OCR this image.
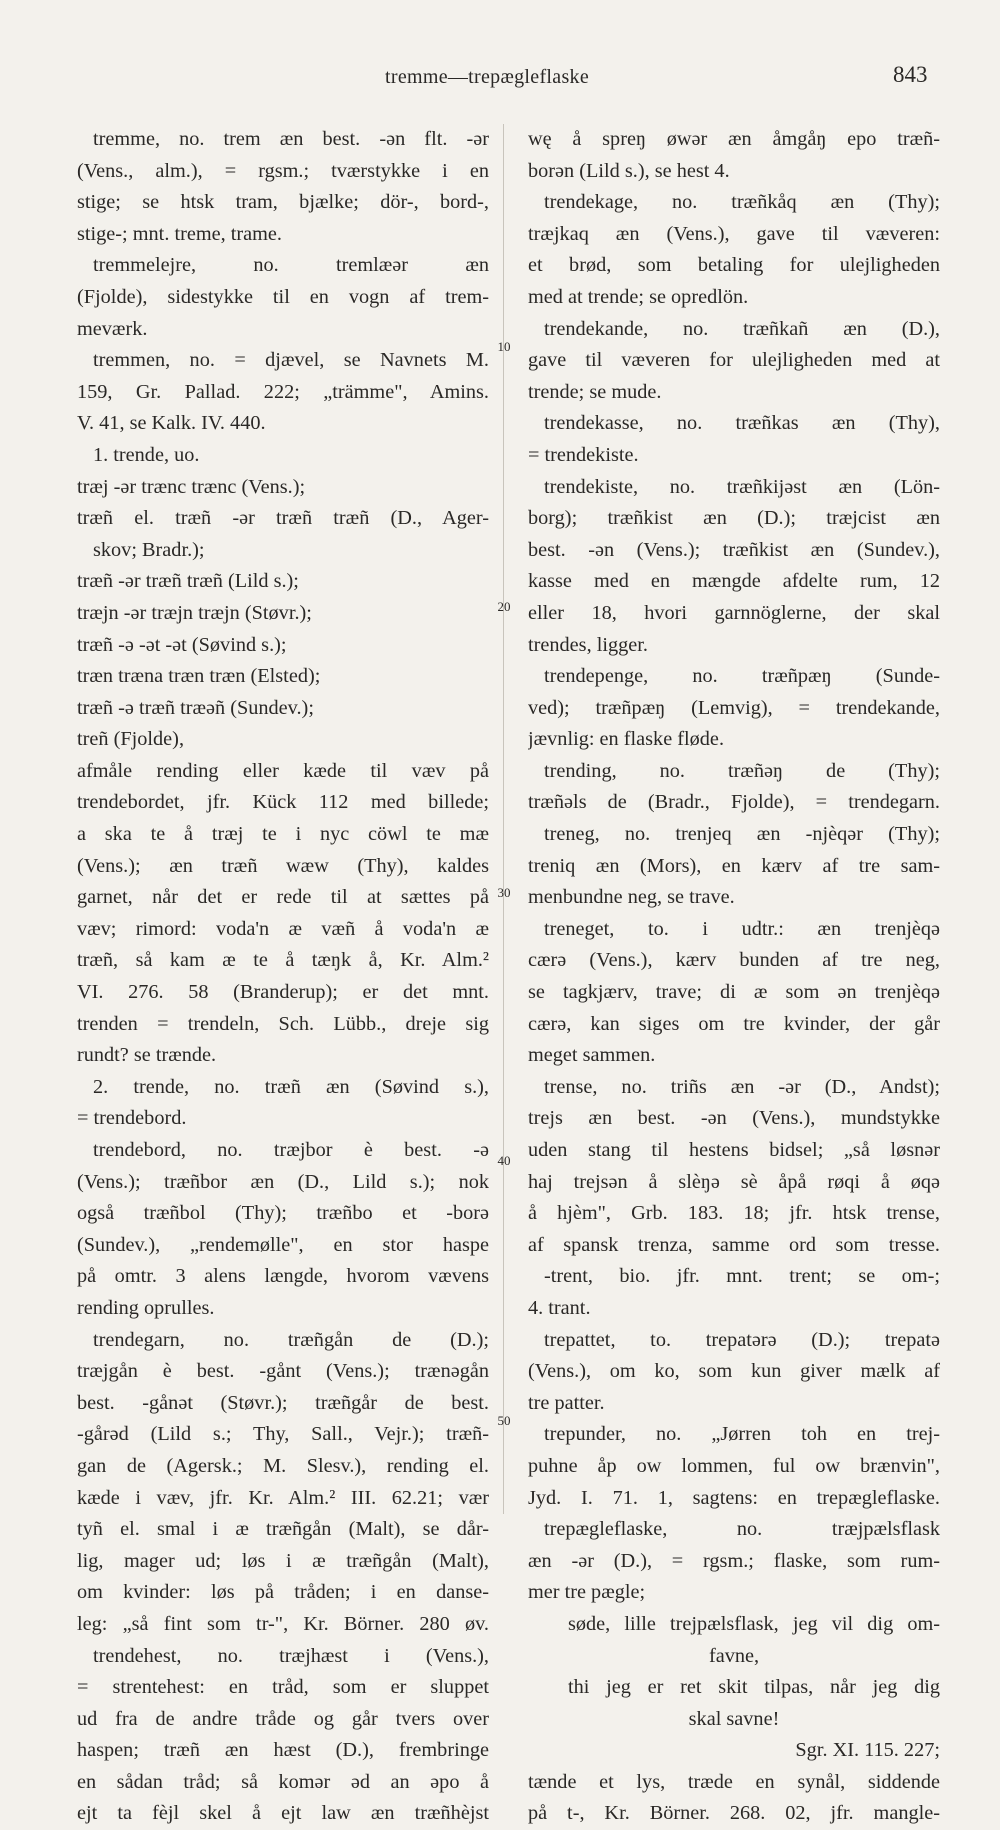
tremme—trepægleflaske	843
10
20
30
40
50
tremme, no. trem æn best. -ən flt. -ər
(Vens., alm.), = rgsm.; tværstykke i en
stige; se htsk tram, bjælke; dör-, bord-,
stige-; mnt. treme, trame.
tremmelejre, no. tremlæər æn
(Fjolde), sidestykke til en vogn af trem-
meværk.
tremmen, no. = djævel, se Navnets M.
159, Gr. Pallad. 222; „trämme", Amins.
V. 41, se Kalk. IV. 440.
1. trende, uo.
træj -ər trænc trænc (Vens.);
træñ el. træñ -ər træñ træñ (D., Ager-
skov; Bradr.);
træñ -ər træñ træñ (Lild s.);
træjn -ər træjn træjn (Støvr.);
træñ -ə -ət -ət (Søvind s.);
træn træna træn træn (Elsted);
træñ -ə træñ træəñ (Sundev.);
treñ (Fjolde),
afmåle rending eller kæde til væv på
trendebordet, jfr. Kück 112 med billede;
a ska te å træj te i nyc cöwl te mæ
(Vens.); æn træñ wæw (Thy), kaldes
garnet, når det er rede til at sættes på
væv; rimord: voda'n æ væñ å voda'n æ
træñ, så kam æ te å tæŋk å, Kr. Alm.²
VI. 276. 58 (Branderup); er det mnt.
trenden = trendeln, Sch. Lübb., dreje sig
rundt? se trænde.
2. trende, no. træñ æn (Søvind s.),
= trendebord.
trendebord, no. træjbor è best. -ə
(Vens.); træñbor æn (D., Lild s.); nok
også træñbol (Thy); træñbo et -borə
(Sundev.), „rendemølle", en stor haspe
på omtr. 3 alens længde, hvorom vævens
rending oprulles.
trendegarn, no. træñgån de (D.);
træjgån è best. -gånt (Vens.); trænəgån
best. -gånət (Støvr.); træñgår de best.
-gårəd (Lild s.; Thy, Sall., Vejr.); træñ-
gan de (Agersk.; M. Slesv.), rending el.
kæde i væv, jfr. Kr. Alm.² III. 62.21; vær
tyñ el. smal i æ træñgån (Malt), se dår-
lig, mager ud; løs i æ træñgån (Malt),
om kvinder: løs på tråden; i en danse-
leg: „så fint som tr-", Kr. Börner. 280 øv.
trendehest, no. træjhæst i (Vens.),
= strentehest: en tråd, som er sluppet
ud fra de andre tråde og går tvers over
haspen; træñ æn hæst (D.), frembringe
en sådan tråd; så komər əd an əpo å
ejt ta fèjl skel å ejt law æn træñhèjst
wę å spreŋ øwər æn åmgåŋ epo træñ-
borən (Lild s.), se hest 4.
trendekage, no. træñkåq æn (Thy);
træjkaq æn (Vens.), gave til væveren:
et brød, som betaling for ulejligheden
med at trende; se opredlön.
trendekande, no. træñkañ æn (D.),
gave til væveren for ulejligheden med at
trende; se mude.
trendekasse, no. træñkas æn (Thy),
= trendekiste.
trendekiste, no. træñkijəst æn (Lön-
borg); træñkist æn (D.); træjcist æn
best. -ən (Vens.); træñkist æn (Sundev.),
kasse med en mængde afdelte rum, 12
eller 18, hvori garnnöglerne, der skal
trendes, ligger.
trendepenge, no. træñpæŋ (Sunde-
ved); træñpæŋ (Lemvig), = trendekande,
jævnlig: en flaske fløde.
trending, no. træñəŋ de (Thy);
træñəls de (Bradr., Fjolde), = trendegarn.
treneg, no. trenjeq æn -njèqər (Thy);
treniq æn (Mors), en kærv af tre sam-
menbundne neg, se trave.
treneget, to. i udtr.: æn trenjèqə
cærə (Vens.), kærv bunden af tre neg,
se tagkjærv, trave; di æ som ən trenjèqə
cærə, kan siges om tre kvinder, der går
meget sammen.
trense, no. triñs æn -ər (D., Andst);
trejs æn best. -ən (Vens.), mundstykke
uden stang til hestens bidsel; „så løsnər
haj trejsən å slèŋə sè åpå røqi å øqə
å hjèm", Grb. 183. 18; jfr. htsk trense,
af spansk trenza, samme ord som tresse.
-trent, bio. jfr. mnt. trent; se om-;
4. trant.
trepattet, to. trepatərə (D.); trepatə
(Vens.), om ko, som kun giver mælk af
tre patter.
trepunder, no. „Jørren toh en trej-
puhne åp ow lommen, ful ow brænvin",
Jyd. I. 71. 1, sagtens: en trepægleflaske.
trepægleflaske, no. træjpælsflask
æn -ər (D.), = rgsm.; flaske, som rum-
mer tre pægle;
søde, lille trejpælsflask, jeg vil dig om-
favne,
thi jeg er ret skit tilpas, når jeg dig
skal savne!
Sgr. XI. 115. 227;
tænde et lys, træde en synål, siddende
på t-, Kr. Börner. 268. 02, jfr. mangle-
